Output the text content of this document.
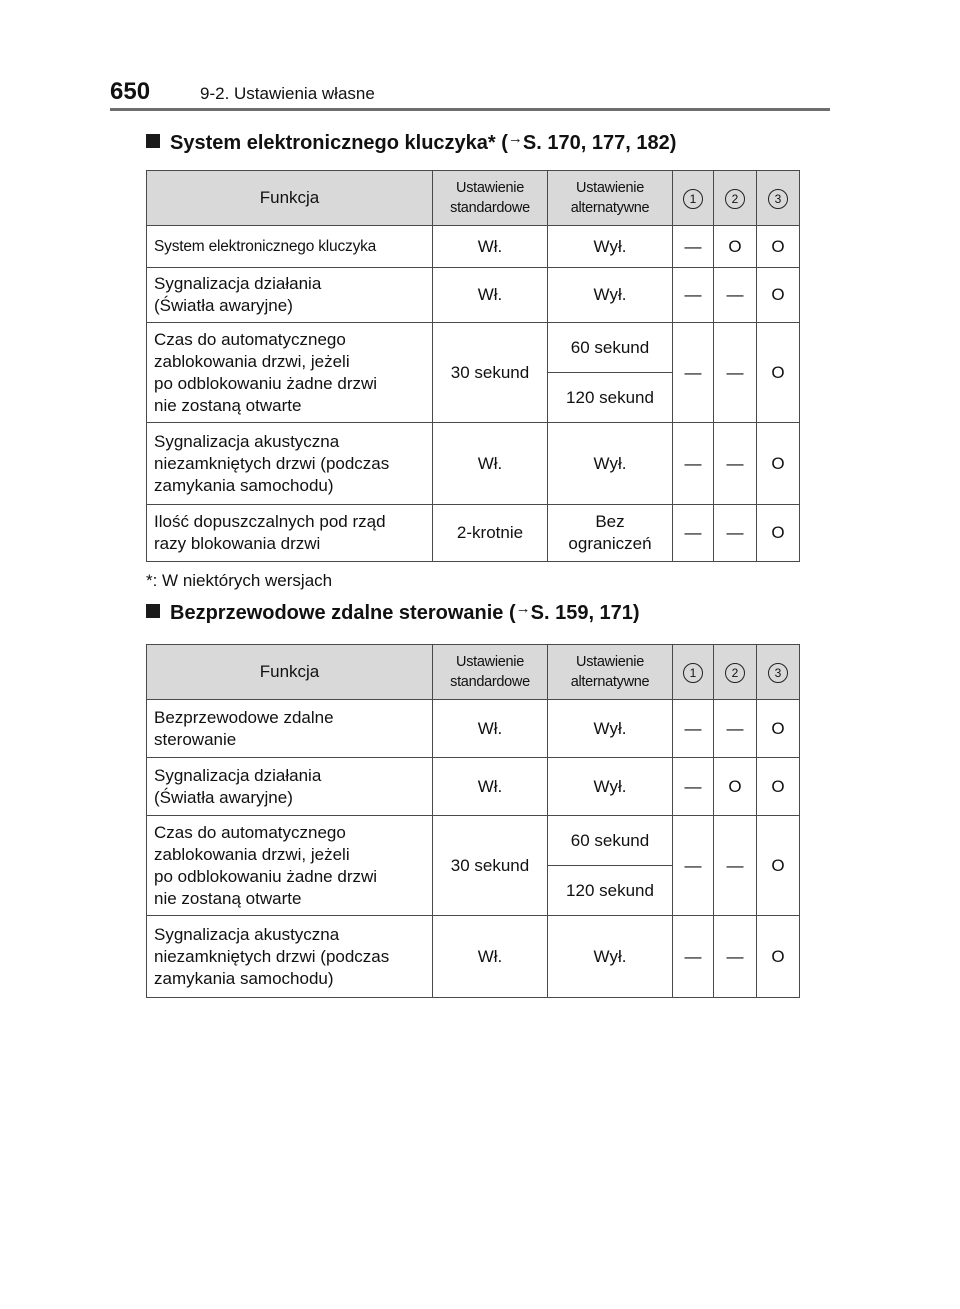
650	9-2. Ustawienia własne
System elektronicznego kluczyka* (→S. 170, 177, 182)
Funkcja	Ustawienie
standardowe	Ustawienie
alternatywne	1	2	3
System elektronicznego kluczyka	Wł.	Wył.	—	O	O
Sygnalizacja działania
(Światła awaryjne)	Wł.	Wył.	—	—	O
Czas do automatycznego
zablokowania drzwi, jeżeli
po odblokowaniu żadne drzwi
nie zostaną otwarte	30 sekund	60 sekund	—	—	O
		120 sekund			
Sygnalizacja akustyczna
niezamkniętych drzwi (podczas
zamykania samochodu)	Wł.	Wył.	—	—	O
Ilość dopuszczalnych pod rząd
razy blokowania drzwi	2-krotnie	Bez
ograniczeń	—	—	O
*: W niektórych wersjach
Bezprzewodowe zdalne sterowanie (→S. 159, 171)
Funkcja	Ustawienie
standardowe	Ustawienie
alternatywne	1	2	3
Bezprzewodowe zdalne
sterowanie	Wł.	Wył.	—	—	O
Sygnalizacja działania
(Światła awaryjne)	Wł.	Wył.	—	O	O
Czas do automatycznego
zablokowania drzwi, jeżeli
po odblokowaniu żadne drzwi
nie zostaną otwarte	30 sekund	60 sekund	—	—	O
		120 sekund			
Sygnalizacja akustyczna
niezamkniętych drzwi (podczas
zamykania samochodu)	Wł.	Wył.	—	—	O
